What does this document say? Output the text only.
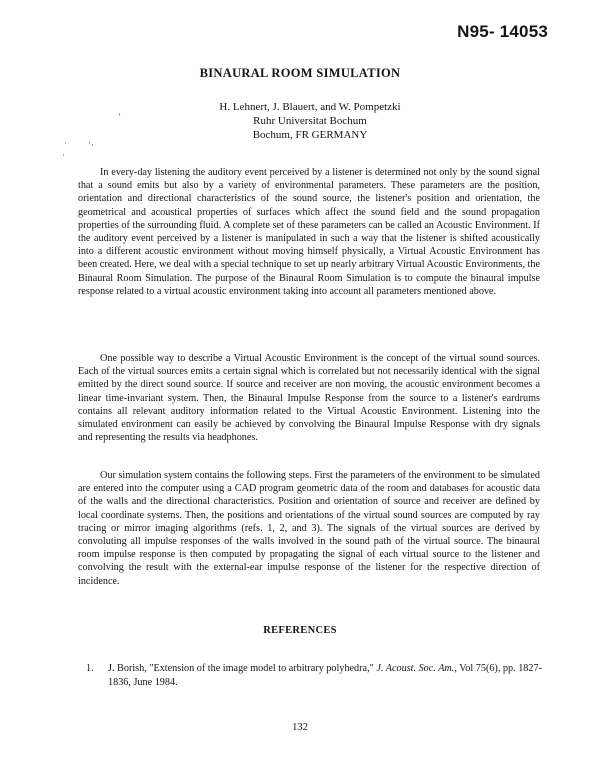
N95- 14053
BINAURAL ROOM SIMULATION
H. Lehnert, J. Blauert, and W. Pompetzki
Ruhr Universitat Bochum
Bochum, FR GERMANY
’
· ’·
·

In every-day listening the auditory event perceived by a listener is determined not only by the sound signal that a sound emits but also by a variety of environmental parameters. These parameters are the position, orientation and directional characteristics of the sound source, the listener's position and orientation, the geometrical and acoustical properties of surfaces which affect the sound field and the sound propagation properties of the surrounding fluid. A complete set of these parameters can be called an Acoustic Environment. If the auditory event perceived by a listener is manipulated in such a way that the listener is shifted acoustically into a different acoustic environment without moving himself physically, a Virtual Acoustic Environment has been created. Here, we deal with a special technique to set up nearly arbitrary Virtual Acoustic Environments, the Binaural Room Simulation. The purpose of the Binaural Room Simulation is to compute the binaural impulse response related to a virtual acoustic environment taking into account all parameters mentioned above.

One possible way to describe a Virtual Acoustic Environment is the concept of the virtual sound sources. Each of the virtual sources emits a certain signal which is correlated but not necessarily identical with the signal emitted by the direct sound source. If source and receiver are non moving, the acoustic environment becomes a linear time-invariant system. Then, the Binaural Impulse Response from the source to a listener's eardrums contains all relevant auditory information related to the Virtual Acoustic Environment. Listening into the simulated environment can easily be achieved by convolving the Binaural Impulse Response with dry signals and representing the results via headphones.

Our simulation system contains the following steps. First the parameters of the environment to be simulated are entered into the computer using a CAD program geometric data of the room and databases for acoustic data of the walls and the directional characteristics. Position and orientation of source and receiver are defined by local coordinate systems. Then, the positions and orientations of the virtual sound sources are computed by ray tracing or mirror imaging algorithms (refs. 1, 2, and 3). The signals of the virtual sources are derived by convoluting all impulse responses of the walls involved in the sound path of the virtual source. The binaural room impulse response is then computed by propagating the signal of each virtual source to the listener and convolving the result with the external-ear impulse response of the listener for the respective direction of incidence.

REFERENCES
1.	J. Borish, "Extension of the image model to arbitrary polyhedra," J. Acoust. Soc. Am., Vol 75(6), pp. 1827-1836, June 1984.
132
